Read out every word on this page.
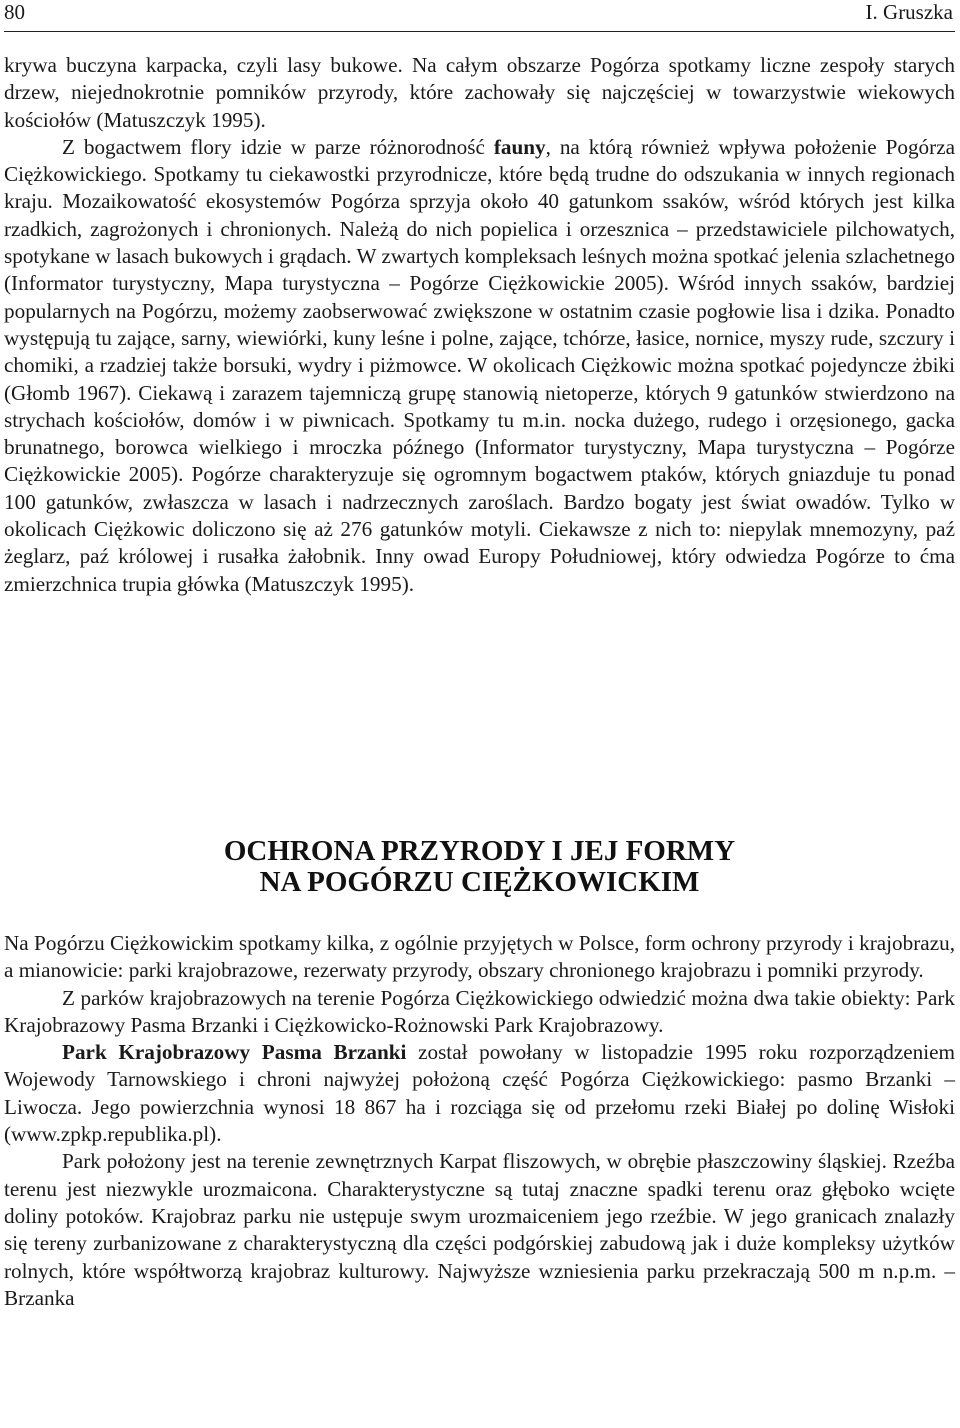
80	I. Gruszka

krywa buczyna karpacka, czyli lasy bukowe. Na całym obszarze Pogórza spotkamy liczne zespoły starych drzew, niejednokrotnie pomników przyrody, które zachowały się najczęściej w towarzystwie wiekowych kościołów (Matuszczyk 1995).

Z bogactwem flory idzie w parze różnorodność fauny, na którą również wpływa położenie Pogórza Ciężkowickiego. Spotkamy tu ciekawostki przyrodnicze, które będą trudne do odszukania w innych regionach kraju. Mozaikowatość ekosystemów Pogórza sprzyja około 40 gatunkom ssaków, wśród których jest kilka rzadkich, zagrożonych i chronionych. Należą do nich popielica i orzesznica – przedstawiciele pilchowatych, spotykane w lasach bukowych i grądach. W zwartych kompleksach leśnych można spotkać jelenia szlachetnego (Informator turystyczny, Mapa turystyczna – Pogórze Ciężkowickie 2005). Wśród innych ssaków, bardziej popularnych na Pogórzu, możemy zaobserwować zwiększone w ostatnim czasie pogłowie lisa i dzika. Ponadto występują tu zające, sarny, wiewiórki, kuny leśne i polne, zające, tchórze, łasice, nornice, myszy rude, szczury i chomiki, a rzadziej także borsuki, wydry i piżmowce. W okolicach Ciężkowic można spotkać pojedyncze żbiki (Głomb 1967). Ciekawą i zarazem tajemniczą grupę stanowią nietoperze, których 9 gatunków stwierdzono na strychach kościołów, domów i w piwnicach. Spotkamy tu m.in. nocka dużego, rudego i orzęsionego, gacka brunatnego, borowca wielkiego i mroczka późnego (Informator turystyczny, Mapa turystyczna – Pogórze Ciężkowickie 2005). Pogórze charakteryzuje się ogromnym bogactwem ptaków, których gniazduje tu ponad 100 gatunków, zwłaszcza w lasach i nadrzecznych zaroślach. Bardzo bogaty jest świat owadów. Tylko w okolicach Ciężkowic doliczono się aż 276 gatunków motyli. Ciekawsze z nich to: niepylak mnemozyny, paź żeglarz, paź królowej i rusałka żałobnik. Inny owad Europy Południowej, który odwiedza Pogórze to ćma zmierzchnica trupia główka (Matuszczyk 1995).

OCHRONA PRZYRODY I JEJ FORMY
NA POGÓRZU CIĘŻKOWICKIM

Na Pogórzu Ciężkowickim spotkamy kilka, z ogólnie przyjętych w Polsce, form ochrony przyrody i krajobrazu, a mianowicie: parki krajobrazowe, rezerwaty przyrody, obszary chronionego krajobrazu i pomniki przyrody.

Z parków krajobrazowych na terenie Pogórza Ciężkowickiego odwiedzić można dwa takie obiekty: Park Krajobrazowy Pasma Brzanki i Ciężkowicko-Rożnowski Park Krajobrazowy.

Park Krajobrazowy Pasma Brzanki został powołany w listopadzie 1995 roku rozporządzeniem Wojewody Tarnowskiego i chroni najwyżej położoną część Pogórza Ciężkowickiego: pasmo Brzanki – Liwocza. Jego powierzchnia wynosi 18 867 ha i rozciąga się od przełomu rzeki Białej po dolinę Wisłoki (www.zpkp.republika.pl).

Park położony jest na terenie zewnętrznych Karpat fliszowych, w obrębie płaszczowiny śląskiej. Rzeźba terenu jest niezwykle urozmaicona. Charakterystyczne są tutaj znaczne spadki terenu oraz głęboko wcięte doliny potoków. Krajobraz parku nie ustępuje swym urozmaiceniem jego rzeźbie. W jego granicach znalazły się tereny zurbanizowane z charakterystyczną dla części podgórskiej zabudową jak i duże kompleksy użytków rolnych, które współtworzą krajobraz kulturowy. Najwyższe wzniesienia parku przekraczają 500 m n.p.m. – Brzanka
